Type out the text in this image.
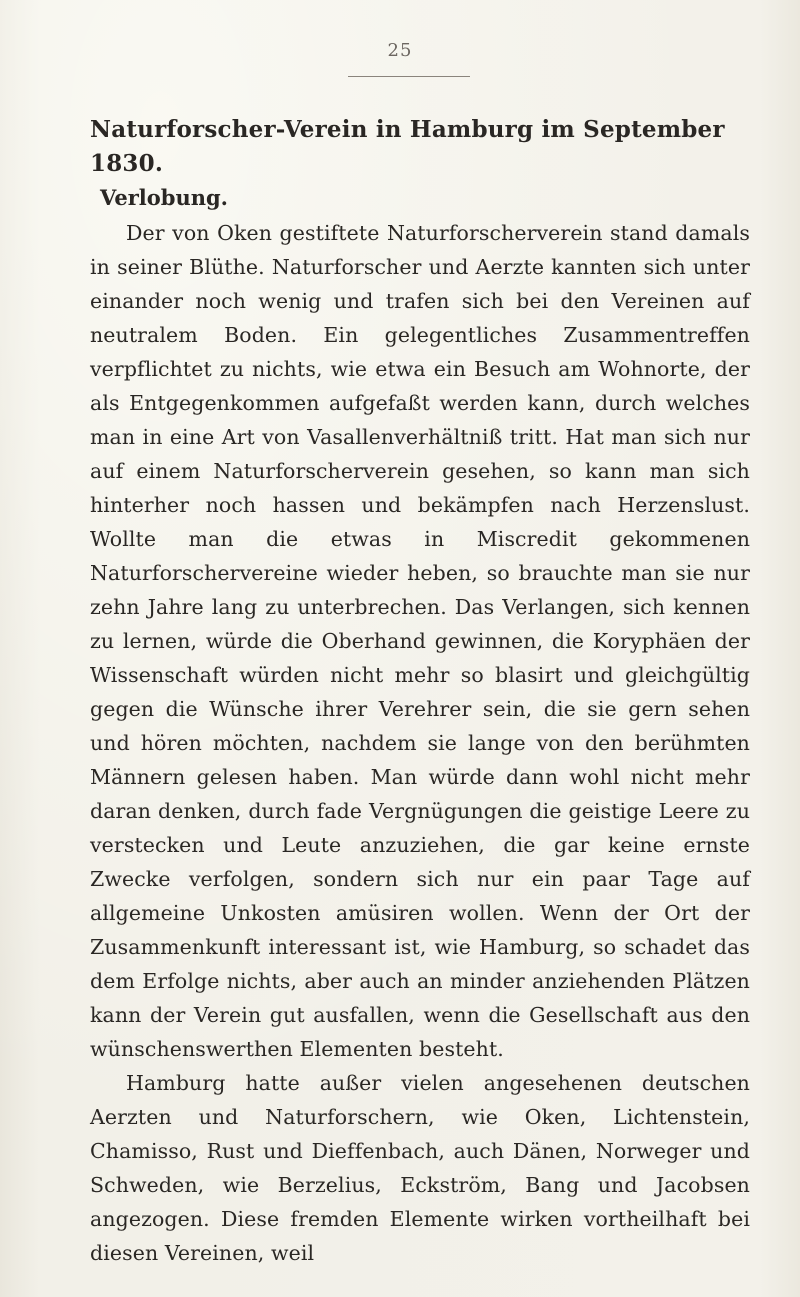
25
Naturforscher-Verein in Hamburg im September 1830.
Verlobung.

Der von Oken gestiftete Naturforscherverein stand damals in seiner Blüthe. Naturforscher und Aerzte kannten sich unter einander noch wenig und trafen sich bei den Vereinen auf neutralem Boden. Ein gelegentliches Zusammentreffen verpflichtet zu nichts, wie etwa ein Besuch am Wohnorte, der als Entgegenkommen aufgefaßt werden kann, durch welches man in eine Art von Vasallenverhältniß tritt. Hat man sich nur auf einem Naturforscherverein gesehen, so kann man sich hinterher noch hassen und bekämpfen nach Herzenslust. Wollte man die etwas in Miscredit gekommenen Naturforschervereine wieder heben, so brauchte man sie nur zehn Jahre lang zu unterbrechen. Das Verlangen, sich kennen zu lernen, würde die Oberhand gewinnen, die Koryphäen der Wissenschaft würden nicht mehr so blasirt und gleichgültig gegen die Wünsche ihrer Verehrer sein, die sie gern sehen und hören möchten, nachdem sie lange von den berühmten Männern gelesen haben. Man würde dann wohl nicht mehr daran denken, durch fade Vergnügungen die geistige Leere zu verstecken und Leute anzuziehen, die gar keine ernste Zwecke verfolgen, sondern sich nur ein paar Tage auf allgemeine Unkosten amüsiren wollen. Wenn der Ort der Zusammenkunft interessant ist, wie Hamburg, so schadet das dem Erfolge nichts, aber auch an minder anziehenden Plätzen kann der Verein gut ausfallen, wenn die Gesellschaft aus den wünschenswerthen Elementen besteht.

Hamburg hatte außer vielen angesehenen deutschen Aerzten und Naturforschern, wie Oken, Lichtenstein, Chamisso, Rust und Dieffenbach, auch Dänen, Norweger und Schweden, wie Berzelius, Eckström, Bang und Jacobsen angezogen. Diese fremden Elemente wirken vortheilhaft bei diesen Vereinen, weil
